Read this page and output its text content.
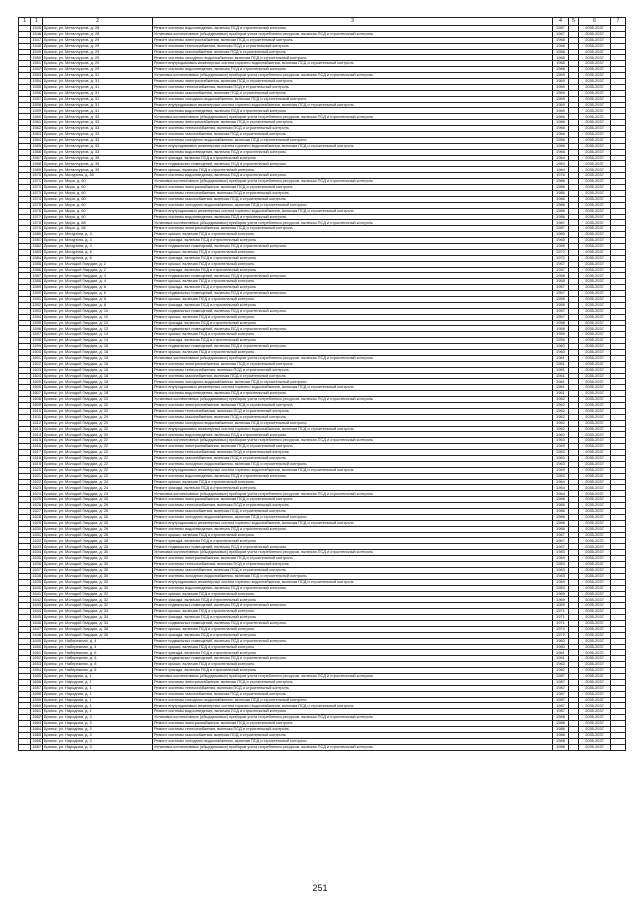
1	1	2	3	4	5	6	7
	1545	Брянск, ул. Металлургов, д. 28	Ремонт системы водоотведения, включая ПСД и строительный контроль	1967		2035-2037	
	1546	Брянск, ул. Металлургов, д. 28	Установка коллективных (общедомовых) приборов учета потребления ресурсов, включая ПСД и строительный контроль	1967		2035-2037	
	1547	Брянск, ул. Металлургов, д. 29	Ремонт системы электроснабжения, включая ПСД и строительный контроль	1968		2035-2037	
	1548	Брянск, ул. Металлургов, д. 29	Ремонт системы теплоснабжения, включая ПСД и строительный контроль	1968		2035-2037	
	1549	Брянск, ул. Металлургов, д. 29	Ремонт системы газоснабжения, включая ПСД и строительный контроль	1968		2035-2037	
	1550	Брянск, ул. Металлургов, д. 29	Ремонт системы холодного водоснабжения, включая ПСД и строительный контроль	1968		2035-2037	
	1551	Брянск, ул. Металлургов, д. 29	Ремонт внутридомовых инженерных систем горячего водоснабжения, включая ПСД и строительный контроль	1968		2035-2037	
	1552	Брянск, ул. Металлургов, д. 29	Ремонт системы водоотведения, включая ПСД и строительный контроль	1968		2035-2037	
	1553	Брянск, ул. Металлургов, д. 31	Установка коллективных (общедомовых) приборов учета потребления ресурсов, включая ПСД и строительный контроль	1969		2035-2037	
	1554	Брянск, ул. Металлургов, д. 31	Ремонт системы электроснабжения, включая ПСД и строительный контроль	1969		2035-2037	
	1555	Брянск, ул. Металлургов, д. 31	Ремонт системы теплоснабжения, включая ПСД и строительный контроль	1969		2035-2037	
	1556	Брянск, ул. Металлургов, д. 31	Ремонт системы газоснабжения, включая ПСД и строительный контроль	1969		2035-2037	
	1557	Брянск, ул. Металлургов, д. 31	Ремонт системы холодного водоснабжения, включая ПСД и строительный контроль	1969		2035-2037	
	1558	Брянск, ул. Металлургов, д. 31	Ремонт внутридомовых инженерных систем горячего водоснабжения, включая ПСД и строительный контроль	1969		2035-2037	
	1559	Брянск, ул. Металлургов, д. 31	Ремонт системы водоотведения, включая ПСД и строительный контроль	1969		2035-2037	
	1560	Брянск, ул. Металлургов, д. 33	Установка коллективных (общедомовых) приборов учета потребления ресурсов, включая ПСД и строительный контроль	1966		2035-2037	
	1561	Брянск, ул. Металлургов, д. 33	Ремонт системы электроснабжения, включая ПСД и строительный контроль	1966		2035-2037	
	1562	Брянск, ул. Металлургов, д. 33	Ремонт системы теплоснабжения, включая ПСД и строительный контроль	1966		2035-2037	
	1563	Брянск, ул. Металлургов, д. 33	Ремонт системы газоснабжения, включая ПСД и строительный контроль	1966		2035-2037	
	1564	Брянск, ул. Металлургов, д. 33	Ремонт системы холодного водоснабжения, включая ПСД и строительный контроль	1966		2035-2037	
	1565	Брянск, ул. Металлургов, д. 33	Ремонт внутридомовых инженерных систем горячего водоснабжения, включая ПСД и строительный контроль	1966		2035-2037	
	1566	Брянск, ул. Металлургов, д. 33	Ремонт системы водоотведения, включая ПСД и строительный контроль	1966		2035-2037	
	1567	Брянск, ул. Металлургов, д. 35	Ремонт фасада, включая ПСД и строительный контроль	1964		2035-2037	
	1568	Брянск, ул. Металлургов, д. 35	Ремонт подвальных помещений, включая ПСД и строительный контроль	1964		2035-2037	
	1569	Брянск, ул. Металлургов, д. 35	Ремонт крыши, включая ПСД и строительный контроль	1964		2035-2037	
	1570	Брянск, ул. Мичурина, д. 50	Ремонт системы водоотведения, включая ПСД и строительный контроль	1976		2035-2037	
	1571	Брянск, ул. Мира, д. 60	Установка коллективных (общедомовых) приборов учета потребления ресурсов, включая ПСД и строительный контроль	1986		2035-2037	
	1572	Брянск, ул. Мира, д. 60	Ремонт системы электроснабжения, включая ПСД и строительный контроль	1986		2035-2037	
	1573	Брянск, ул. Мира, д. 60	Ремонт системы теплоснабжения, включая ПСД и строительный контроль	1986		2035-2037	
	1574	Брянск, ул. Мира, д. 60	Ремонт системы газоснабжения, включая ПСД и строительный контроль	1986		2035-2037	
	1575	Брянск, ул. Мира, д. 60	Ремонт системы холодного водоснабжения, включая ПСД и строительный контроль	1986		2035-2037	
	1576	Брянск, ул. Мира, д. 60	Ремонт внутридомовых инженерных систем горячего водоснабжения, включая ПСД и строительный контроль	1986		2035-2037	
	1577	Брянск, ул. Мира, д. 60	Ремонт системы водоотведения, включая ПСД и строительный контроль	1986		2035-2037	
	1578	Брянск, ул. Мира, д. 68	Установка коллективных (общедомовых) приборов учета потребления ресурсов, включая ПСД и строительный контроль	1987		2035-2037	
	1579	Брянск, ул. Мира, д. 68	Ремонт системы электроснабжения, включая ПСД и строительный контроль	1987		2035-2037	
	1580	Брянск, ул. Мичурина, д. 4	Ремонт крыши, включая ПСД и строительный контроль	1965		2035-2037	
	1581	Брянск, ул. Мичурина, д. 4	Ремонт фасада, включая ПСД и строительный контроль	1965		2035-2037	
	1582	Брянск, ул. Мичурина, д. 4	Ремонт подвальных помещений, включая ПСД и строительный контроль	1965		2035-2037	
	1583	Брянск, ул. Мичурина, д. 6	Ремонт крыши, включая ПСД и строительный контроль	1972		2035-2037	
	1584	Брянск, ул. Мичурина, д. 6	Ремонт фасада, включая ПСД и строительный контроль	1972		2035-2037	
	1585	Брянск, ул. Молодой Гвардии, д. 2	Ремонт крыши, включая ПСД и строительный контроль	1957		2035-2037	
	1586	Брянск, ул. Молодой Гвардии, д. 2	Ремонт фасада, включая ПСД и строительный контроль	1957		2035-2037	
	1587	Брянск, ул. Молодой Гвардии, д. 4	Ремонт подвальных помещений, включая ПСД и строительный контроль	1958		2035-2037	
	1588	Брянск, ул. Молодой Гвардии, д. 4	Ремонт крыши, включая ПСД и строительный контроль	1958		2035-2037	
	1589	Брянск, ул. Молодой Гвардии, д. 6	Ремонт фасада, включая ПСД и строительный контроль	1957		2035-2037	
	1590	Брянск, ул. Молодой Гвардии, д. 6	Ремонт подвальных помещений, включая ПСД и строительный контроль	1957		2035-2037	
	1591	Брянск, ул. Молодой Гвардии, д. 8	Ремонт крыши, включая ПСД и строительный контроль	1956		2035-2037	
	1592	Брянск, ул. Молодой Гвардии, д. 8	Ремонт фасада, включая ПСД и строительный контроль	1956		2035-2037	
	1593	Брянск, ул. Молодой Гвардии, д. 10	Ремонт подвальных помещений, включая ПСД и строительный контроль	1957		2035-2037	
	1594	Брянск, ул. Молодой Гвардии, д. 10	Ремонт крыши, включая ПСД и строительный контроль	1957		2035-2037	
	1595	Брянск, ул. Молодой Гвардии, д. 12	Ремонт фасада, включая ПСД и строительный контроль	1958		2035-2037	
	1596	Брянск, ул. Молодой Гвардии, д. 12	Ремонт подвальных помещений, включая ПСД и строительный контроль	1958		2035-2037	
	1597	Брянск, ул. Молодой Гвардии, д. 14	Ремонт крыши, включая ПСД и строительный контроль	1959		2035-2037	
	1598	Брянск, ул. Молодой Гвардии, д. 14	Ремонт фасада, включая ПСД и строительный контроль	1959		2035-2037	
	1599	Брянск, ул. Молодой Гвардии, д. 16	Ремонт подвальных помещений, включая ПСД и строительный контроль	1960		2035-2037	
	1600	Брянск, ул. Молодой Гвардии, д. 16	Ремонт крыши, включая ПСД и строительный контроль	1960		2035-2037	
	1601	Брянск, ул. Молодой Гвардии, д. 18	Установка коллективных (общедомовых) приборов учета потребления ресурсов, включая ПСД и строительный контроль	1961		2035-2037	
	1602	Брянск, ул. Молодой Гвардии, д. 18	Ремонт системы электроснабжения, включая ПСД и строительный контроль	1961		2035-2037	
	1603	Брянск, ул. Молодой Гвардии, д. 18	Ремонт системы теплоснабжения, включая ПСД и строительный контроль	1961		2035-2037	
	1604	Брянск, ул. Молодой Гвардии, д. 18	Ремонт системы газоснабжения, включая ПСД и строительный контроль	1961		2035-2037	
	1605	Брянск, ул. Молодой Гвардии, д. 18	Ремонт системы холодного водоснабжения, включая ПСД и строительный контроль	1961		2035-2037	
	1606	Брянск, ул. Молодой Гвардии, д. 18	Ремонт внутридомовых инженерных систем горячего водоснабжения, включая ПСД и строительный контроль	1961		2035-2037	
	1607	Брянск, ул. Молодой Гвардии, д. 18	Ремонт системы водоотведения, включая ПСД и строительный контроль	1961		2035-2037	
	1608	Брянск, ул. Молодой Гвардии, д. 20	Установка коллективных (общедомовых) приборов учета потребления ресурсов, включая ПСД и строительный контроль	1962		2035-2037	
	1609	Брянск, ул. Молодой Гвардии, д. 20	Ремонт системы электроснабжения, включая ПСД и строительный контроль	1962		2035-2037	
	1610	Брянск, ул. Молодой Гвардии, д. 20	Ремонт системы теплоснабжения, включая ПСД и строительный контроль	1962		2035-2037	
	1611	Брянск, ул. Молодой Гвардии, д. 20	Ремонт системы газоснабжения, включая ПСД и строительный контроль	1962		2035-2037	
	1612	Брянск, ул. Молодой Гвардии, д. 20	Ремонт системы холодного водоснабжения, включая ПСД и строительный контроль	1962		2035-2037	
	1613	Брянск, ул. Молодой Гвардии, д. 20	Ремонт внутридомовых инженерных систем горячего водоснабжения, включая ПСД и строительный контроль	1962		2035-2037	
	1614	Брянск, ул. Молодой Гвардии, д. 20	Ремонт системы водоотведения, включая ПСД и строительный контроль	1962		2035-2037	
	1615	Брянск, ул. Молодой Гвардии, д. 22	Установка коллективных (общедомовых) приборов учета потребления ресурсов, включая ПСД и строительный контроль	1963		2035-2037	
	1616	Брянск, ул. Молодой Гвардии, д. 22	Ремонт системы электроснабжения, включая ПСД и строительный контроль	1963		2035-2037	
	1617	Брянск, ул. Молодой Гвардии, д. 22	Ремонт системы теплоснабжения, включая ПСД и строительный контроль	1963		2035-2037	
	1618	Брянск, ул. Молодой Гвардии, д. 22	Ремонт системы газоснабжения, включая ПСД и строительный контроль	1963		2035-2037	
	1619	Брянск, ул. Молодой Гвардии, д. 22	Ремонт системы холодного водоснабжения, включая ПСД и строительный контроль	1963		2035-2037	
	1620	Брянск, ул. Молодой Гвардии, д. 22	Ремонт внутридомовых инженерных систем горячего водоснабжения, включая ПСД и строительный контроль	1963		2035-2037	
	1621	Брянск, ул. Молодой Гвардии, д. 22	Ремонт системы водоотведения, включая ПСД и строительный контроль	1963		2035-2037	
	1622	Брянск, ул. Молодой Гвардии, д. 24	Ремонт крыши, включая ПСД и строительный контроль	1964		2035-2037	
	1623	Брянск, ул. Молодой Гвардии, д. 24	Ремонт фасада, включая ПСД и строительный контроль	1964		2035-2037	
	1624	Брянск, ул. Молодой Гвардии, д. 24	Установка коллективных (общедомовых) приборов учета потребления ресурсов, включая ПСД и строительный контроль	1964		2035-2037	
	1625	Брянск, ул. Молодой Гвардии, д. 26	Ремонт системы электроснабжения, включая ПСД и строительный контроль	1966		2035-2037	
	1626	Брянск, ул. Молодой Гвардии, д. 26	Ремонт системы теплоснабжения, включая ПСД и строительный контроль	1966		2035-2037	
	1627	Брянск, ул. Молодой Гвардии, д. 26	Ремонт системы газоснабжения, включая ПСД и строительный контроль	1966		2035-2037	
	1628	Брянск, ул. Молодой Гвардии, д. 26	Ремонт системы холодного водоснабжения, включая ПСД и строительный контроль	1966		2035-2037	
	1629	Брянск, ул. Молодой Гвардии, д. 26	Ремонт внутридомовых инженерных систем горячего водоснабжения, включая ПСД и строительный контроль	1966		2035-2037	
	1630	Брянск, ул. Молодой Гвардии, д. 26	Ремонт системы водоотведения, включая ПСД и строительный контроль	1966		2035-2037	
	1631	Брянск, ул. Молодой Гвардии, д. 28	Ремонт крыши, включая ПСД и строительный контроль	1967		2035-2037	
	1632	Брянск, ул. Молодой Гвардии, д. 28	Ремонт фасада, включая ПСД и строительный контроль	1967		2035-2037	
	1633	Брянск, ул. Молодой Гвардии, д. 28	Ремонт подвальных помещений, включая ПСД и строительный контроль	1967		2035-2037	
	1634	Брянск, ул. Молодой Гвардии, д. 30	Установка коллективных (общедомовых) приборов учета потребления ресурсов, включая ПСД и строительный контроль	1983		2035-2037	
	1635	Брянск, ул. Молодой Гвардии, д. 30	Ремонт системы электроснабжения, включая ПСД и строительный контроль	1983		2035-2037	
	1636	Брянск, ул. Молодой Гвардии, д. 30	Ремонт системы теплоснабжения, включая ПСД и строительный контроль	1983		2035-2037	
	1637	Брянск, ул. Молодой Гвардии, д. 30	Ремонт системы газоснабжения, включая ПСД и строительный контроль	1983		2035-2037	
	1638	Брянск, ул. Молодой Гвардии, д. 30	Ремонт системы холодного водоснабжения, включая ПСД и строительный контроль	1983		2035-2037	
	1639	Брянск, ул. Молодой Гвардии, д. 30	Ремонт внутридомовых инженерных систем горячего водоснабжения, включая ПСД и строительный контроль	1983		2035-2037	
	1640	Брянск, ул. Молодой Гвардии, д. 30	Ремонт системы водоотведения, включая ПСД и строительный контроль	1983		2035-2037	
	1641	Брянск, ул. Молодой Гвардии, д. 32	Ремонт крыши, включая ПСД и строительный контроль	1969		2035-2037	
	1642	Брянск, ул. Молодой Гвардии, д. 32	Ремонт фасада, включая ПСД и строительный контроль	1969		2035-2037	
	1643	Брянск, ул. Молодой Гвардии, д. 32	Ремонт подвальных помещений, включая ПСД и строительный контроль	1969		2035-2037	
	1644	Брянск, ул. Молодой Гвардии, д. 34	Ремонт крыши, включая ПСД и строительный контроль	1971		2035-2037	
	1645	Брянск, ул. Молодой Гвардии, д. 34	Ремонт фасада, включая ПСД и строительный контроль	1971		2035-2037	
	1646	Брянск, ул. Молодой Гвардии, д. 34	Ремонт подвальных помещений, включая ПСД и строительный контроль	1971		2035-2037	
	1647	Брянск, ул. Молодой Гвардии, д. 36	Ремонт крыши, включая ПСД и строительный контроль	1972		2035-2037	
	1648	Брянск, ул. Молодой Гвардии, д. 36	Ремонт фасада, включая ПСД и строительный контроль	1972		2035-2037	
	1649	Брянск, ул. Набережная, д. 4	Ремонт подвальных помещений, включая ПСД и строительный контроль	1960		2035-2037	
	1650	Брянск, ул. Набережная, д. 4	Ремонт крыши, включая ПСД и строительный контроль	1960		2035-2037	
	1651	Брянск, ул. Набережная, д. 6	Ремонт фасада, включая ПСД и строительный контроль	1961		2035-2037	
	1652	Брянск, ул. Набережная, д. 6	Ремонт подвальных помещений, включая ПСД и строительный контроль	1961		2035-2037	
	1653	Брянск, ул. Набережная, д. 8	Ремонт крыши, включая ПСД и строительный контроль	1962		2035-2037	
	1654	Брянск, ул. Набережная, д. 8	Ремонт фасада, включая ПСД и строительный контроль	1962		2035-2037	
	1655	Брянск, ул. Народная, д. 1	Установка коллективных (общедомовых) приборов учета потребления ресурсов, включая ПСД и строительный контроль	1987		2035-2037	
	1656	Брянск, ул. Народная, д. 1	Ремонт системы электроснабжения, включая ПСД и строительный контроль	1987		2035-2037	
	1657	Брянск, ул. Народная, д. 1	Ремонт системы теплоснабжения, включая ПСД и строительный контроль	1987		2035-2037	
	1658	Брянск, ул. Народная, д. 1	Ремонт системы газоснабжения, включая ПСД и строительный контроль	1987		2035-2037	
	1659	Брянск, ул. Народная, д. 1	Ремонт системы холодного водоснабжения, включая ПСД и строительный контроль	1987		2035-2037	
	1660	Брянск, ул. Народная, д. 1	Ремонт внутридомовых инженерных систем горячего водоснабжения, включая ПСД и строительный контроль	1987		2035-2037	
	1661	Брянск, ул. Народная, д. 1	Ремонт системы водоотведения, включая ПСД и строительный контроль	1987		2035-2037	
	1662	Брянск, ул. Народная, д. 3	Установка коллективных (общедомовых) приборов учета потребления ресурсов, включая ПСД и строительный контроль	1988		2035-2037	
	1663	Брянск, ул. Народная, д. 3	Ремонт системы электроснабжения, включая ПСД и строительный контроль	1988		2035-2037	
	1664	Брянск, ул. Народная, д. 3	Ремонт системы теплоснабжения, включая ПСД и строительный контроль	1988		2035-2037	
	1665	Брянск, ул. Народная, д. 3	Ремонт системы газоснабжения, включая ПСД и строительный контроль	1988		2035-2037	
	1666	Брянск, ул. Народная, д. 3	Ремонт системы холодного водоснабжения, включая ПСД и строительный контроль	1988		2035-2037	
	1667	Брянск, ул. Народная, д. 3	Установка коллективных (общедомовых) приборов учета потребления ресурсов, включая ПСД и строительный контроль	1988		2035-2037	
251
